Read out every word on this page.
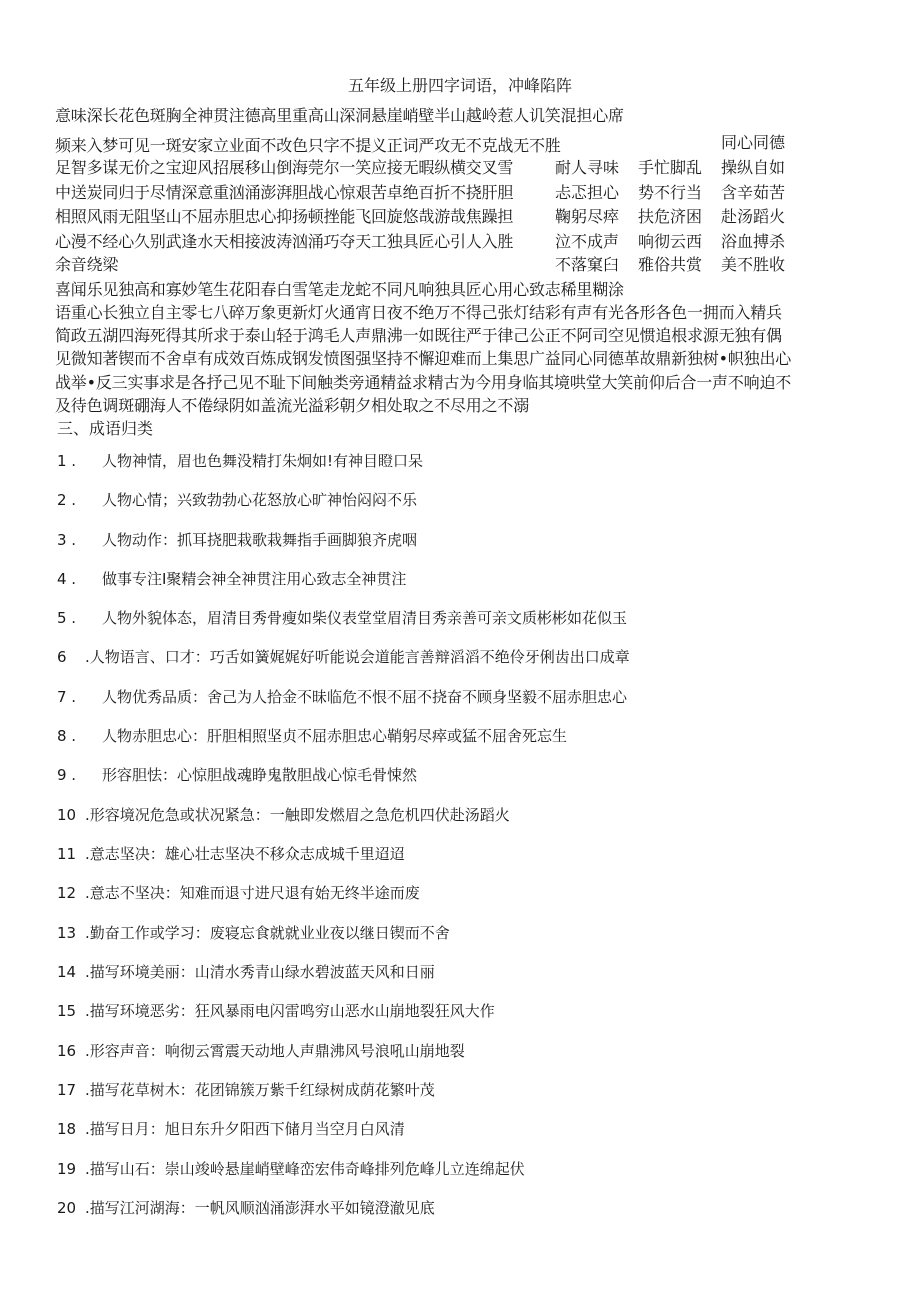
五年级上册四字词语，冲峰陷阵
意味深长花色斑胸全神贯注德高里重高山深洞悬崖峭壁半山越岭惹人讥笑混担心席
同心同德
频来入梦可见一斑安家立业面不改色只字不提义正词严攻无不克战无不胜
足智多谋无价之宝迎风招展移山倒海莞尔一笑应接无暇纵横交叉雪
中送炭同归于尽情深意重汹涌澎湃胆战心惊艰苦卓绝百折不挠肝胆
相照风雨无阻坚山不屈赤胆忠心抑扬顿挫能飞回旋悠哉游哉焦躁担
心漫不经心久别武逢水天相接波涛汹涌巧夺天工独具匠心引人入胜
余音绕梁
耐人寻味 手忙脚乱 操纵自如
忐忑担心 势不行当 含辛茹苦
鞠躬尽瘁 扶危济困 赴汤蹈火
泣不成声 响彻云西 浴血搏杀
不落窠臼 雅俗共赏 美不胜收
喜闻乐见独高和寡妙笔生花阳春白雪笔走龙蛇不同凡响独具匠心用心致志稀里糊涂
语重心长独立自主零七八碎万象更新灯火通宵日夜不绝万不得己张灯结彩有声有光各形各色一拥而入精兵
简政五湖四海死得其所求于泰山轻于鸿毛人声鼎沸一如既往严于律己公正不阿司空见惯追根求源无独有偶
见微知著锲而不舍卓有成效百炼成钢发愤图强坚持不懈迎难而上集思广益同心同德革故鼎新独树•帜独出心
战举•反三实事求是各抒己见不耻下间触类旁通精益求精古为今用身临其境哄堂大笑前仰后合一声不响迫不
及待色调斑硼海人不倦绿阴如盖流光溢彩朝夕相处取之不尽用之不溺
三、成语归类
1 . 人物神情，眉也色舞没精打朱炯如!有神目瞪口呆
2 . 人物心情；兴致勃勃心花怒放心旷神怡闷闷不乐
3 . 人物动作：抓耳挠肥栽歌栽舞指手画脚狼齐虎咽
4 . 做事专注I聚精会神全神贯注用心致志全神贯注
5 . 人物外貌体态，眉清目秀骨瘦如柴仪表堂堂眉清目秀亲善可亲文质彬彬如花似玉
6 .人物语言、口才：巧舌如簧娓娓好听能说会道能言善辩滔滔不绝伶牙俐齿出口成章
7 . 人物优秀品质：舍己为人拾金不昧临危不恨不屈不挠奋不顾身坚毅不屈赤胆忠心
8 . 人物赤胆忠心：肝胆相照坚贞不屈赤胆忠心鞘躬尽瘁或猛不屈舍死忘生
9 . 形容胆怯：心惊胆战魂睁鬼散胆战心惊毛骨悚然
10 .形容境况危急或状况紧急：一触即发燃眉之急危机四伏赴汤蹈火
11 .意志坚决：雄心壮志坚决不移众志成城千里迢迢
12 .意志不坚决：知难而退寸进尺退有始无终半途而废
13 .勤奋工作或学习：废寝忘食就就业业夜以继日锲而不舍
14 .描写环境美丽：山清水秀青山绿水碧波蓝天风和日丽
15 .描写环境恶劣：狂风暴雨电闪雷鸣穷山恶水山崩地裂狂风大作
16 .形容声音：响彻云霄震天动地人声鼎沸风号浪吼山崩地裂
17 .描写花草树木：花团锦簇万紫千红绿树成荫花繁叶茂
18 .描写日月：旭日东升夕阳西下储月当空月白风清
19 .描写山石：崇山竣岭悬崖峭壁峰峦宏伟奇峰排列危峰儿立连绵起伏
20 .描写江河湖海：一帆风顺汹涌澎湃水平如镜澄澈见底
